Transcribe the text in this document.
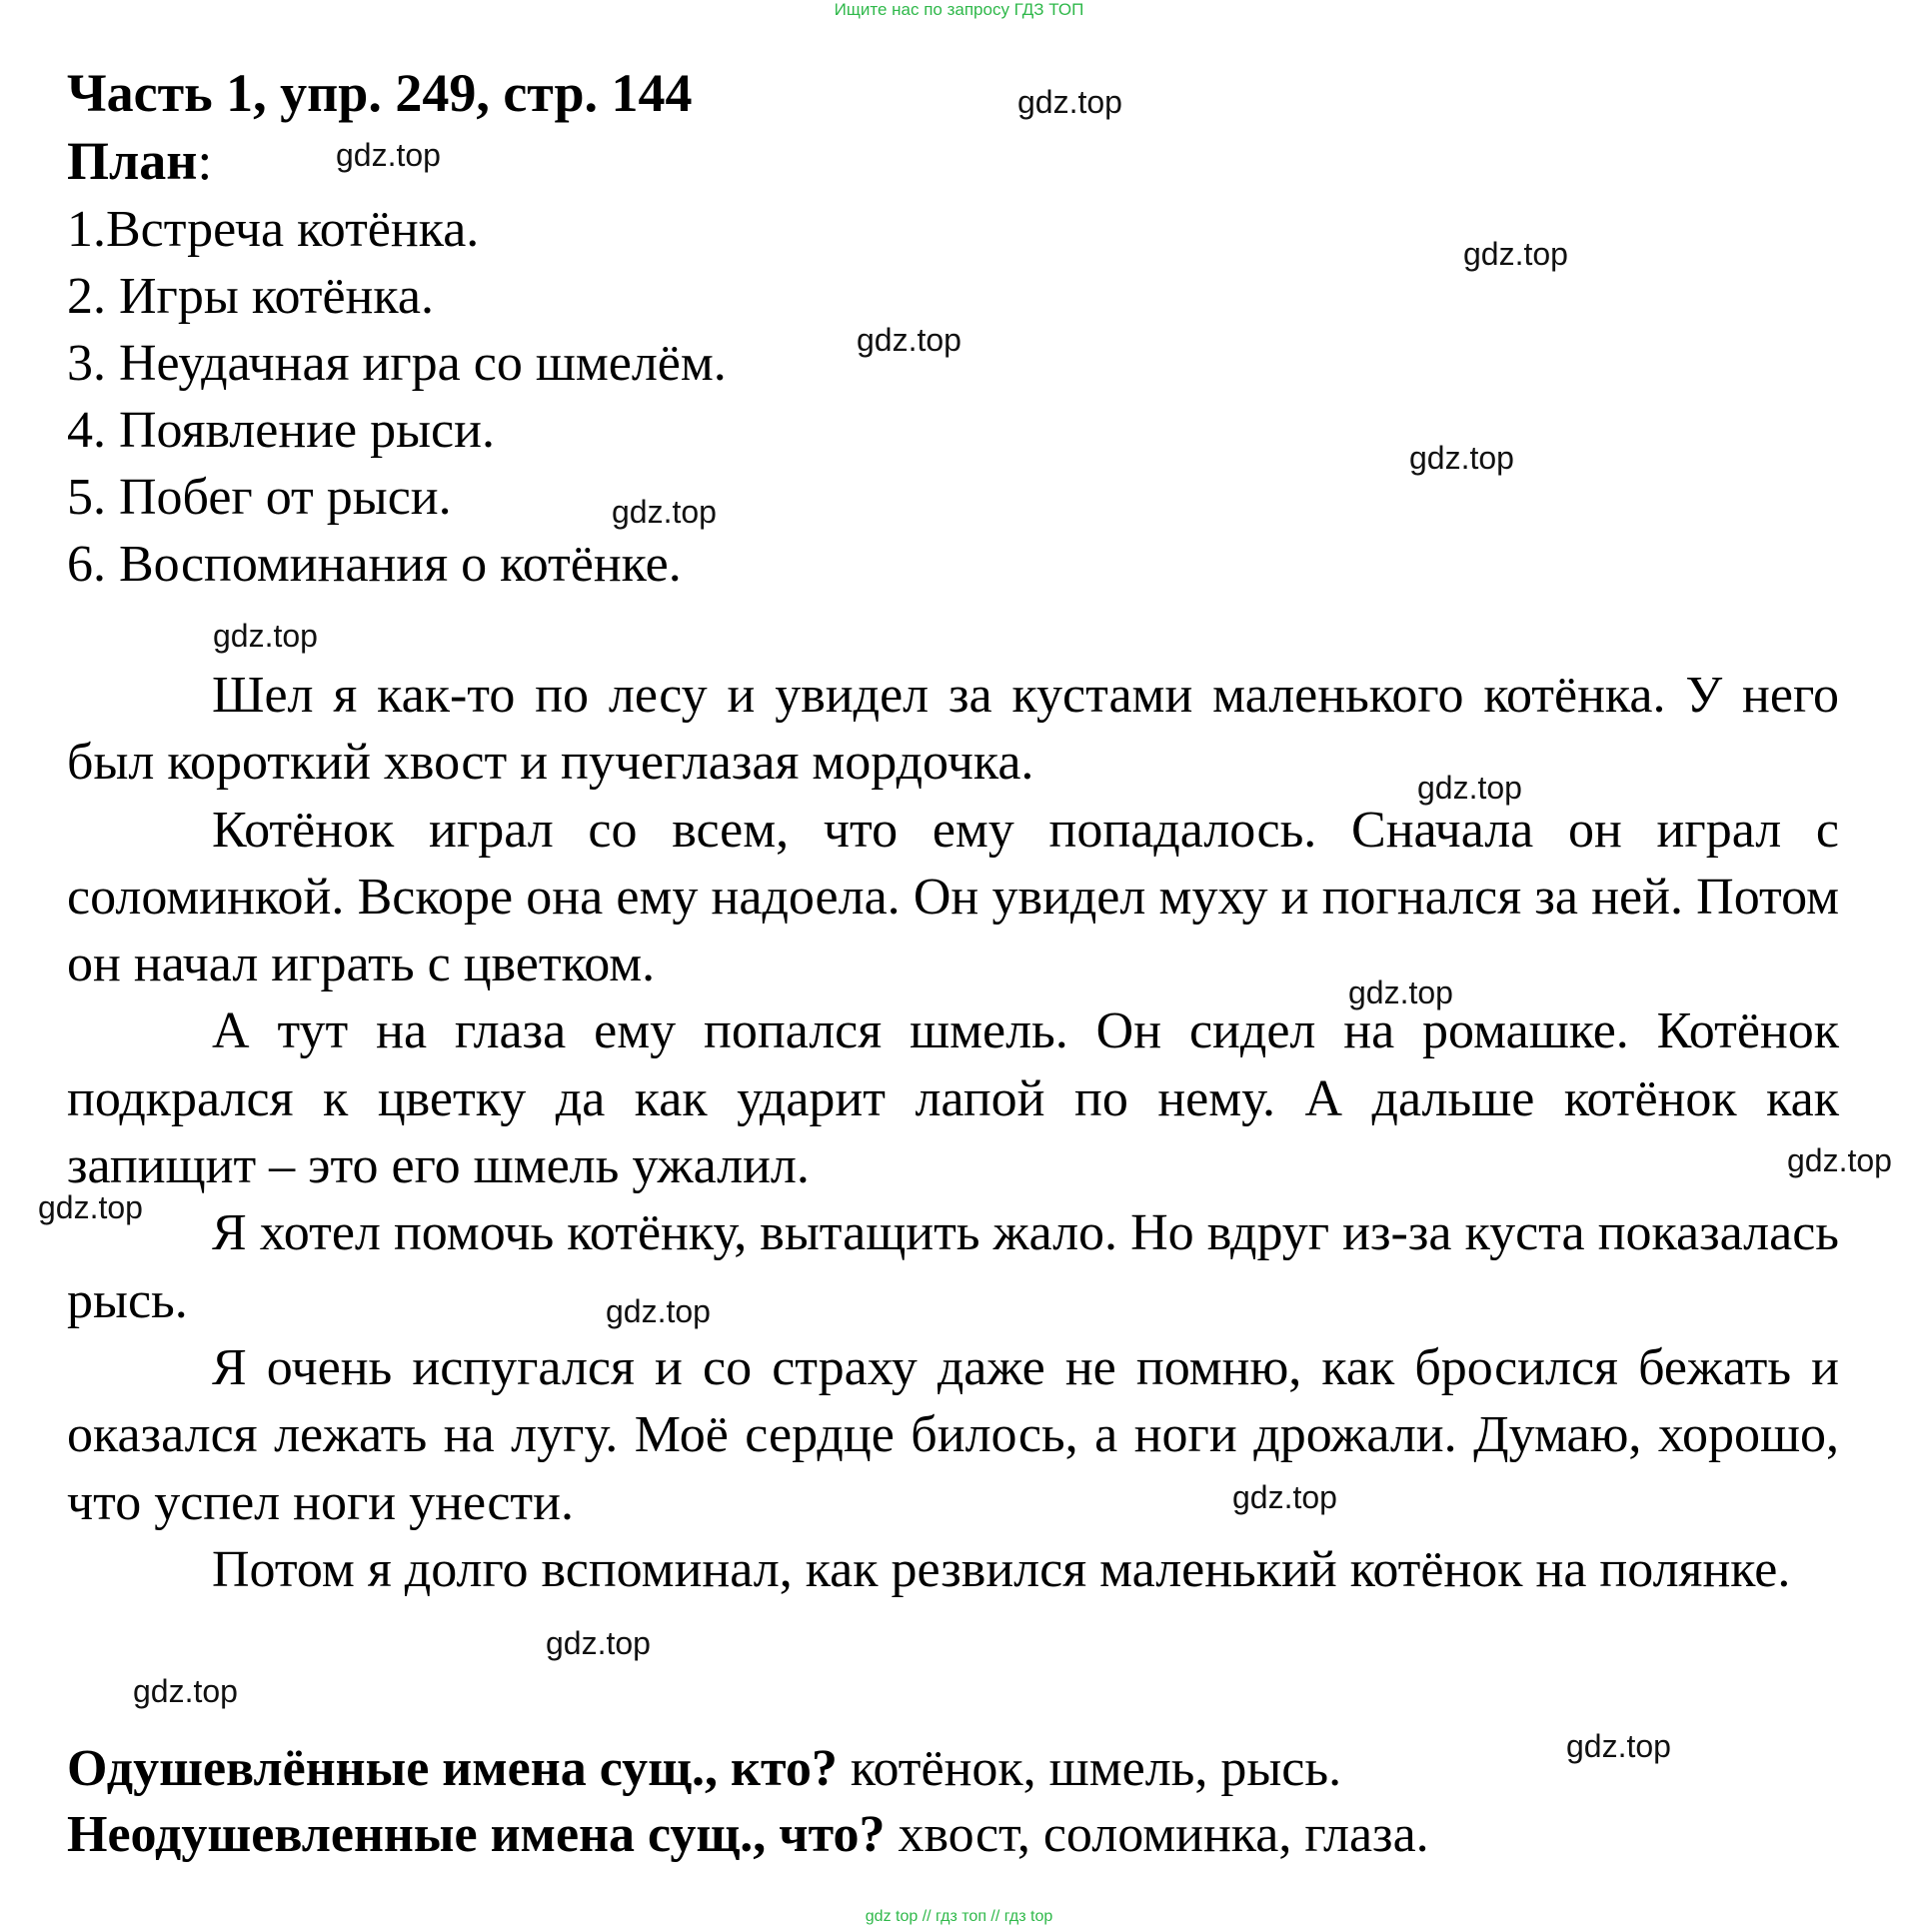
Ищите нас по запросу ГДЗ ТОП
Часть 1, упр. 249, стр. 144
План:
1.Встреча котёнка.
2. Игры котёнка.
3. Неудачная игра со шмелём.
4. Появление рыси.
5. Побег от рыси.
6. Воспоминания о котёнке.

Шел я как-то по лесу и увидел за кустами маленького котёнка. У него был короткий хвост и пучеглазая мордочка.

Котёнок играл со всем, что ему попадалось. Сначала он играл с соломинкой. Вскоре она ему надоела. Он увидел муху и погнался за ней. Потом он начал играть с цветком.

А тут на глаза ему попался шмель. Он сидел на ромашке. Котёнок подкрался к цветку да как ударит лапой по нему. А дальше котёнок как запищит – это его шмель ужалил.

Я хотел помочь котёнку, вытащить жало. Но вдруг из-за куста показалась рысь.

Я очень испугался и со страху даже не помню, как бросился бежать и оказался лежать на лугу. Моё сердце билось, а ноги дрожали. Думаю, хорошо, что успел ноги унести.

Потом я долго вспоминал, как резвился маленький котёнок на полянке.

Одушевлённые имена сущ., кто? котёнок, шмель, рысь.

Неодушевленные имена сущ., что? хвост, соломинка, глаза.

gdz.top
gdz.top
gdz.top
gdz.top
gdz.top
gdz.top
gdz.top
gdz.top
gdz.top
gdz.top
gdz.top
gdz.top
gdz.top
gdz.top
gdz.top
gdz.top
gdz top // гдз топ // гдз top
